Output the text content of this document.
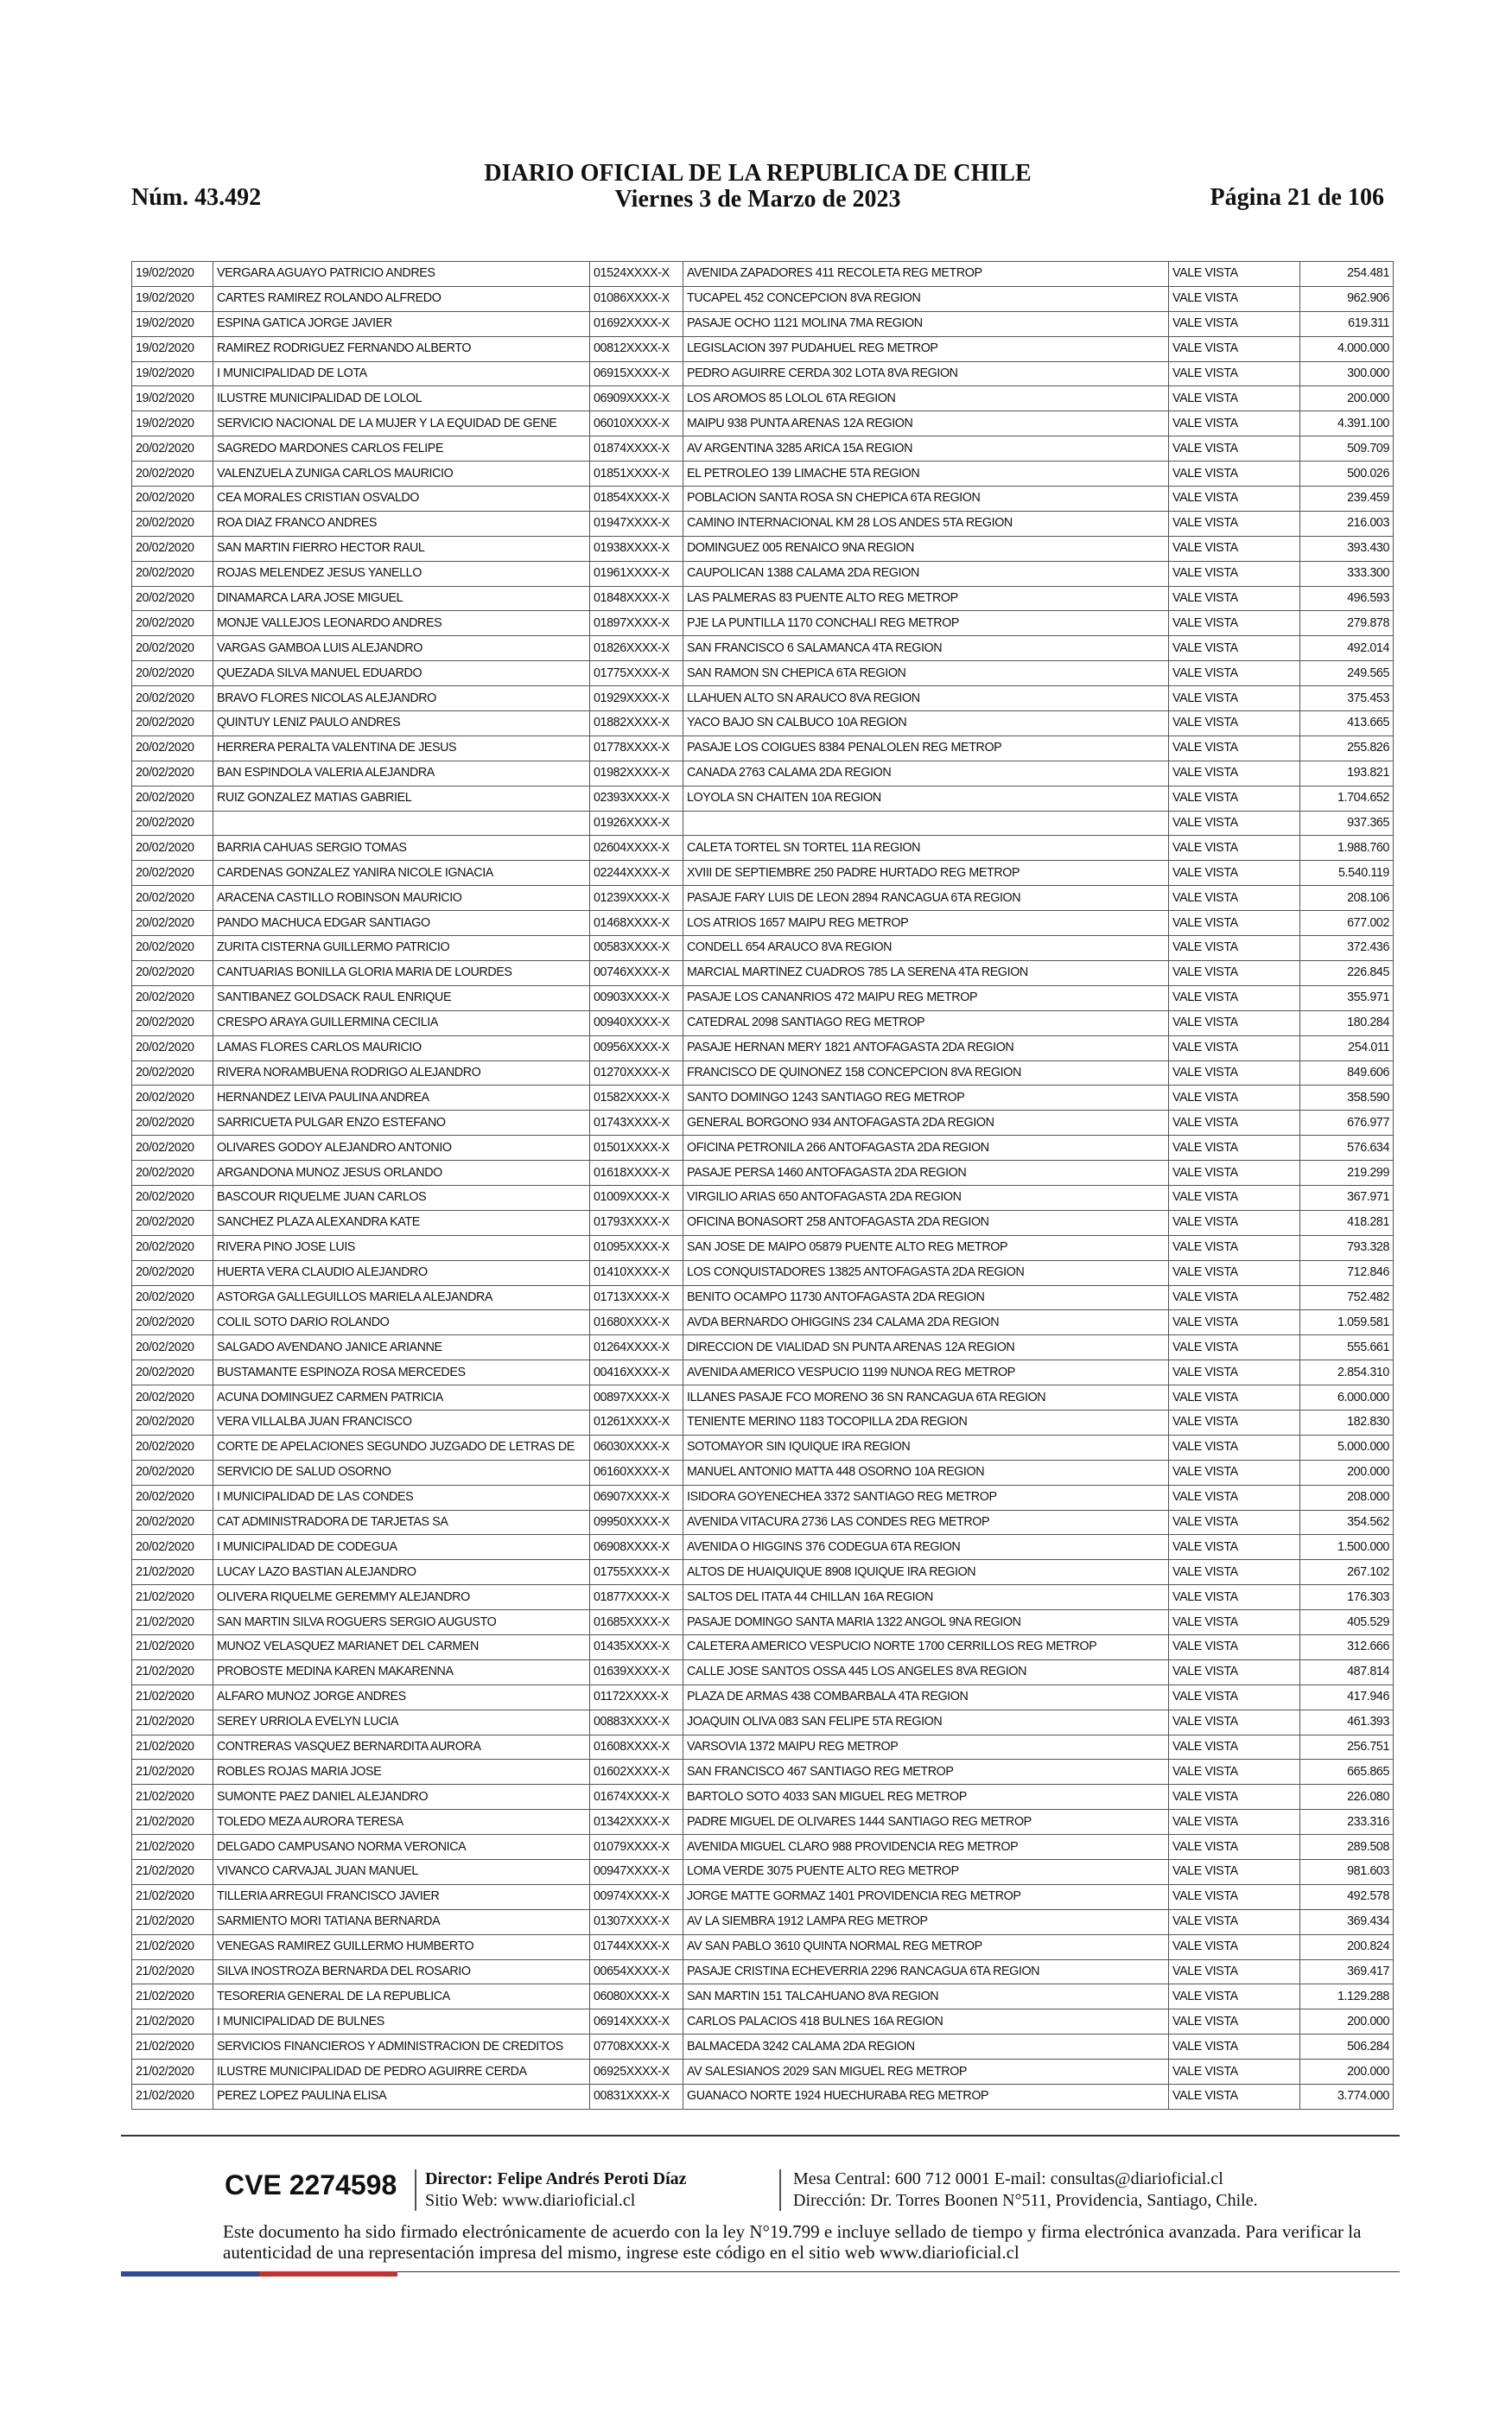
Núm. 43.492
DIARIO OFICIAL DE LA REPUBLICA DE CHILE
Viernes 3 de Marzo de 2023	Página 21 de 106
19/02/2020	VERGARA AGUAYO PATRICIO ANDRES	01524XXXX-X	AVENIDA ZAPADORES 411 RECOLETA REG METROP	VALE VISTA	254.481
19/02/2020	CARTES RAMIREZ ROLANDO ALFREDO	01086XXXX-X	TUCAPEL 452 CONCEPCION 8VA REGION	VALE VISTA	962.906
19/02/2020	ESPINA GATICA JORGE JAVIER	01692XXXX-X	PASAJE OCHO 1121 MOLINA 7MA REGION	VALE VISTA	619.311
19/02/2020	RAMIREZ RODRIGUEZ FERNANDO ALBERTO	00812XXXX-X	LEGISLACION 397 PUDAHUEL REG METROP	VALE VISTA	4.000.000
19/02/2020	I MUNICIPALIDAD DE LOTA	06915XXXX-X	PEDRO AGUIRRE CERDA 302 LOTA 8VA REGION	VALE VISTA	300.000
19/02/2020	ILUSTRE MUNICIPALIDAD DE LOLOL	06909XXXX-X	LOS AROMOS 85 LOLOL 6TA REGION	VALE VISTA	200.000
19/02/2020	SERVICIO NACIONAL DE LA MUJER Y LA EQUIDAD DE GENE	06010XXXX-X	MAIPU 938 PUNTA ARENAS 12A REGION	VALE VISTA	4.391.100
20/02/2020	SAGREDO MARDONES CARLOS FELIPE	01874XXXX-X	AV ARGENTINA 3285 ARICA 15A REGION	VALE VISTA	509.709
20/02/2020	VALENZUELA ZUNIGA CARLOS MAURICIO	01851XXXX-X	EL PETROLEO 139 LIMACHE 5TA REGION	VALE VISTA	500.026
20/02/2020	CEA MORALES CRISTIAN OSVALDO	01854XXXX-X	POBLACION SANTA ROSA SN CHEPICA 6TA REGION	VALE VISTA	239.459
20/02/2020	ROA DIAZ FRANCO ANDRES	01947XXXX-X	CAMINO INTERNACIONAL KM 28 LOS ANDES 5TA REGION	VALE VISTA	216.003
20/02/2020	SAN MARTIN FIERRO HECTOR RAUL	01938XXXX-X	DOMINGUEZ 005 RENAICO 9NA REGION	VALE VISTA	393.430
20/02/2020	ROJAS MELENDEZ JESUS YANELLO	01961XXXX-X	CAUPOLICAN 1388 CALAMA 2DA REGION	VALE VISTA	333.300
20/02/2020	DINAMARCA LARA JOSE MIGUEL	01848XXXX-X	LAS PALMERAS 83 PUENTE ALTO REG METROP	VALE VISTA	496.593
20/02/2020	MONJE VALLEJOS LEONARDO ANDRES	01897XXXX-X	PJE LA PUNTILLA 1170 CONCHALI REG METROP	VALE VISTA	279.878
20/02/2020	VARGAS GAMBOA LUIS ALEJANDRO	01826XXXX-X	SAN FRANCISCO 6 SALAMANCA 4TA REGION	VALE VISTA	492.014
20/02/2020	QUEZADA SILVA MANUEL EDUARDO	01775XXXX-X	SAN RAMON SN CHEPICA 6TA REGION	VALE VISTA	249.565
20/02/2020	BRAVO FLORES NICOLAS ALEJANDRO	01929XXXX-X	LLAHUEN ALTO SN ARAUCO 8VA REGION	VALE VISTA	375.453
20/02/2020	QUINTUY LENIZ PAULO ANDRES	01882XXXX-X	YACO BAJO SN CALBUCO 10A REGION	VALE VISTA	413.665
20/02/2020	HERRERA PERALTA VALENTINA DE JESUS	01778XXXX-X	PASAJE LOS COIGUES 8384 PENALOLEN REG METROP	VALE VISTA	255.826
20/02/2020	BAN ESPINDOLA VALERIA ALEJANDRA	01982XXXX-X	CANADA 2763 CALAMA 2DA REGION	VALE VISTA	193.821
20/02/2020	RUIZ GONZALEZ MATIAS GABRIEL	02393XXXX-X	LOYOLA SN CHAITEN 10A REGION	VALE VISTA	1.704.652
20/02/2020		01926XXXX-X		VALE VISTA	937.365
20/02/2020	BARRIA CAHUAS SERGIO TOMAS	02604XXXX-X	CALETA TORTEL SN TORTEL 11A REGION	VALE VISTA	1.988.760
20/02/2020	CARDENAS GONZALEZ YANIRA NICOLE IGNACIA	02244XXXX-X	XVIII DE SEPTIEMBRE 250 PADRE HURTADO REG METROP	VALE VISTA	5.540.119
20/02/2020	ARACENA CASTILLO ROBINSON MAURICIO	01239XXXX-X	PASAJE FARY LUIS DE LEON 2894 RANCAGUA 6TA REGION	VALE VISTA	208.106
20/02/2020	PANDO MACHUCA EDGAR SANTIAGO	01468XXXX-X	LOS ATRIOS 1657 MAIPU REG METROP	VALE VISTA	677.002
20/02/2020	ZURITA CISTERNA GUILLERMO PATRICIO	00583XXXX-X	CONDELL 654 ARAUCO 8VA REGION	VALE VISTA	372.436
20/02/2020	CANTUARIAS BONILLA GLORIA MARIA DE LOURDES	00746XXXX-X	MARCIAL MARTINEZ CUADROS 785 LA SERENA 4TA REGION	VALE VISTA	226.845
20/02/2020	SANTIBANEZ GOLDSACK RAUL ENRIQUE	00903XXXX-X	PASAJE LOS CANANRIOS 472 MAIPU REG METROP	VALE VISTA	355.971
20/02/2020	CRESPO ARAYA GUILLERMINA CECILIA	00940XXXX-X	CATEDRAL 2098 SANTIAGO REG METROP	VALE VISTA	180.284
20/02/2020	LAMAS FLORES CARLOS MAURICIO	00956XXXX-X	PASAJE HERNAN MERY 1821 ANTOFAGASTA 2DA REGION	VALE VISTA	254.011
20/02/2020	RIVERA NORAMBUENA RODRIGO ALEJANDRO	01270XXXX-X	FRANCISCO DE QUINONEZ 158 CONCEPCION 8VA REGION	VALE VISTA	849.606
20/02/2020	HERNANDEZ LEIVA PAULINA ANDREA	01582XXXX-X	SANTO DOMINGO 1243 SANTIAGO REG METROP	VALE VISTA	358.590
20/02/2020	SARRICUETA PULGAR ENZO ESTEFANO	01743XXXX-X	GENERAL BORGONO 934 ANTOFAGASTA 2DA REGION	VALE VISTA	676.977
20/02/2020	OLIVARES GODOY ALEJANDRO ANTONIO	01501XXXX-X	OFICINA PETRONILA 266 ANTOFAGASTA 2DA REGION	VALE VISTA	576.634
20/02/2020	ARGANDONA MUNOZ JESUS ORLANDO	01618XXXX-X	PASAJE PERSA 1460 ANTOFAGASTA 2DA REGION	VALE VISTA	219.299
20/02/2020	BASCOUR RIQUELME JUAN CARLOS	01009XXXX-X	VIRGILIO ARIAS 650 ANTOFAGASTA 2DA REGION	VALE VISTA	367.971
20/02/2020	SANCHEZ PLAZA ALEXANDRA KATE	01793XXXX-X	OFICINA BONASORT 258 ANTOFAGASTA 2DA REGION	VALE VISTA	418.281
20/02/2020	RIVERA PINO JOSE LUIS	01095XXXX-X	SAN JOSE DE MAIPO 05879 PUENTE ALTO REG METROP	VALE VISTA	793.328
20/02/2020	HUERTA VERA CLAUDIO ALEJANDRO	01410XXXX-X	LOS CONQUISTADORES 13825 ANTOFAGASTA 2DA REGION	VALE VISTA	712.846
20/02/2020	ASTORGA GALLEGUILLOS MARIELA ALEJANDRA	01713XXXX-X	BENITO OCAMPO 11730 ANTOFAGASTA 2DA REGION	VALE VISTA	752.482
20/02/2020	COLIL SOTO DARIO ROLANDO	01680XXXX-X	AVDA BERNARDO OHIGGINS 234 CALAMA 2DA REGION	VALE VISTA	1.059.581
20/02/2020	SALGADO AVENDANO JANICE ARIANNE	01264XXXX-X	DIRECCION DE VIALIDAD SN PUNTA ARENAS 12A REGION	VALE VISTA	555.661
20/02/2020	BUSTAMANTE ESPINOZA ROSA MERCEDES	00416XXXX-X	AVENIDA AMERICO VESPUCIO 1199 NUNOA REG METROP	VALE VISTA	2.854.310
20/02/2020	ACUNA DOMINGUEZ CARMEN PATRICIA	00897XXXX-X	ILLANES PASAJE FCO MORENO 36 SN RANCAGUA 6TA REGION	VALE VISTA	6.000.000
20/02/2020	VERA VILLALBA JUAN FRANCISCO	01261XXXX-X	TENIENTE MERINO 1183 TOCOPILLA 2DA REGION	VALE VISTA	182.830
20/02/2020	CORTE DE APELACIONES SEGUNDO JUZGADO DE LETRAS DE	06030XXXX-X	SOTOMAYOR SIN IQUIQUE IRA REGION	VALE VISTA	5.000.000
20/02/2020	SERVICIO DE SALUD OSORNO	06160XXXX-X	MANUEL ANTONIO MATTA 448 OSORNO 10A REGION	VALE VISTA	200.000
20/02/2020	I MUNICIPALIDAD DE LAS CONDES	06907XXXX-X	ISIDORA GOYENECHEA 3372 SANTIAGO REG METROP	VALE VISTA	208.000
20/02/2020	CAT ADMINISTRADORA DE TARJETAS SA	09950XXXX-X	AVENIDA VITACURA 2736 LAS CONDES REG METROP	VALE VISTA	354.562
20/02/2020	I MUNICIPALIDAD DE CODEGUA	06908XXXX-X	AVENIDA O HIGGINS 376 CODEGUA 6TA REGION	VALE VISTA	1.500.000
21/02/2020	LUCAY LAZO BASTIAN ALEJANDRO	01755XXXX-X	ALTOS DE HUAIQUIQUE 8908 IQUIQUE IRA REGION	VALE VISTA	267.102
21/02/2020	OLIVERA RIQUELME GEREMMY ALEJANDRO	01877XXXX-X	SALTOS DEL ITATA 44 CHILLAN 16A REGION	VALE VISTA	176.303
21/02/2020	SAN MARTIN SILVA ROGUERS SERGIO AUGUSTO	01685XXXX-X	PASAJE DOMINGO SANTA MARIA 1322 ANGOL 9NA REGION	VALE VISTA	405.529
21/02/2020	MUNOZ VELASQUEZ MARIANET DEL CARMEN	01435XXXX-X	CALETERA AMERICO VESPUCIO NORTE 1700 CERRILLOS REG METROP	VALE VISTA	312.666
21/02/2020	PROBOSTE MEDINA KAREN MAKARENNA	01639XXXX-X	CALLE JOSE SANTOS OSSA 445 LOS ANGELES 8VA REGION	VALE VISTA	487.814
21/02/2020	ALFARO MUNOZ JORGE ANDRES	01172XXXX-X	PLAZA DE ARMAS 438 COMBARBALA 4TA REGION	VALE VISTA	417.946
21/02/2020	SEREY URRIOLA EVELYN LUCIA	00883XXXX-X	JOAQUIN OLIVA 083 SAN FELIPE 5TA REGION	VALE VISTA	461.393
21/02/2020	CONTRERAS VASQUEZ BERNARDITA AURORA	01608XXXX-X	VARSOVIA 1372 MAIPU REG METROP	VALE VISTA	256.751
21/02/2020	ROBLES ROJAS MARIA JOSE	01602XXXX-X	SAN FRANCISCO 467 SANTIAGO REG METROP	VALE VISTA	665.865
21/02/2020	SUMONTE PAEZ DANIEL ALEJANDRO	01674XXXX-X	BARTOLO SOTO 4033 SAN MIGUEL REG METROP	VALE VISTA	226.080
21/02/2020	TOLEDO MEZA AURORA TERESA	01342XXXX-X	PADRE MIGUEL DE OLIVARES 1444 SANTIAGO REG METROP	VALE VISTA	233.316
21/02/2020	DELGADO CAMPUSANO NORMA VERONICA	01079XXXX-X	AVENIDA MIGUEL CLARO 988 PROVIDENCIA REG METROP	VALE VISTA	289.508
21/02/2020	VIVANCO CARVAJAL JUAN MANUEL	00947XXXX-X	LOMA VERDE 3075 PUENTE ALTO REG METROP	VALE VISTA	981.603
21/02/2020	TILLERIA ARREGUI FRANCISCO JAVIER	00974XXXX-X	JORGE MATTE GORMAZ 1401 PROVIDENCIA REG METROP	VALE VISTA	492.578
21/02/2020	SARMIENTO MORI TATIANA BERNARDA	01307XXXX-X	AV LA SIEMBRA 1912 LAMPA REG METROP	VALE VISTA	369.434
21/02/2020	VENEGAS RAMIREZ GUILLERMO HUMBERTO	01744XXXX-X	AV SAN PABLO 3610 QUINTA NORMAL REG METROP	VALE VISTA	200.824
21/02/2020	SILVA INOSTROZA BERNARDA DEL ROSARIO	00654XXXX-X	PASAJE CRISTINA ECHEVERRIA 2296 RANCAGUA 6TA REGION	VALE VISTA	369.417
21/02/2020	TESORERIA GENERAL DE LA REPUBLICA	06080XXXX-X	SAN MARTIN 151 TALCAHUANO 8VA REGION	VALE VISTA	1.129.288
21/02/2020	I MUNICIPALIDAD DE BULNES	06914XXXX-X	CARLOS PALACIOS 418 BULNES 16A REGION	VALE VISTA	200.000
21/02/2020	SERVICIOS FINANCIEROS Y ADMINISTRACION DE CREDITOS	07708XXXX-X	BALMACEDA 3242 CALAMA 2DA REGION	VALE VISTA	506.284
21/02/2020	ILUSTRE MUNICIPALIDAD DE PEDRO AGUIRRE CERDA	06925XXXX-X	AV SALESIANOS 2029 SAN MIGUEL REG METROP	VALE VISTA	200.000
21/02/2020	PEREZ LOPEZ PAULINA ELISA	00831XXXX-X	GUANACO NORTE 1924 HUECHURABA REG METROP	VALE VISTA	3.774.000
CVE 2274598 Director: Felipe Andrés Peroti Díaz
Sitio Web: www.diarioficial.cl
Mesa Central: 600 712 0001 E-mail: consultas@diarioficial.cl
Dirección: Dr. Torres Boonen N°511, Providencia, Santiago, Chile.
Este documento ha sido firmado electrónicamente de acuerdo con la ley N°19.799 e incluye sellado de tiempo y firma electrónica avanzada. Para verificar la autenticidad de una representación impresa del mismo, ingrese este código en el sitio web www.diarioficial.cl
